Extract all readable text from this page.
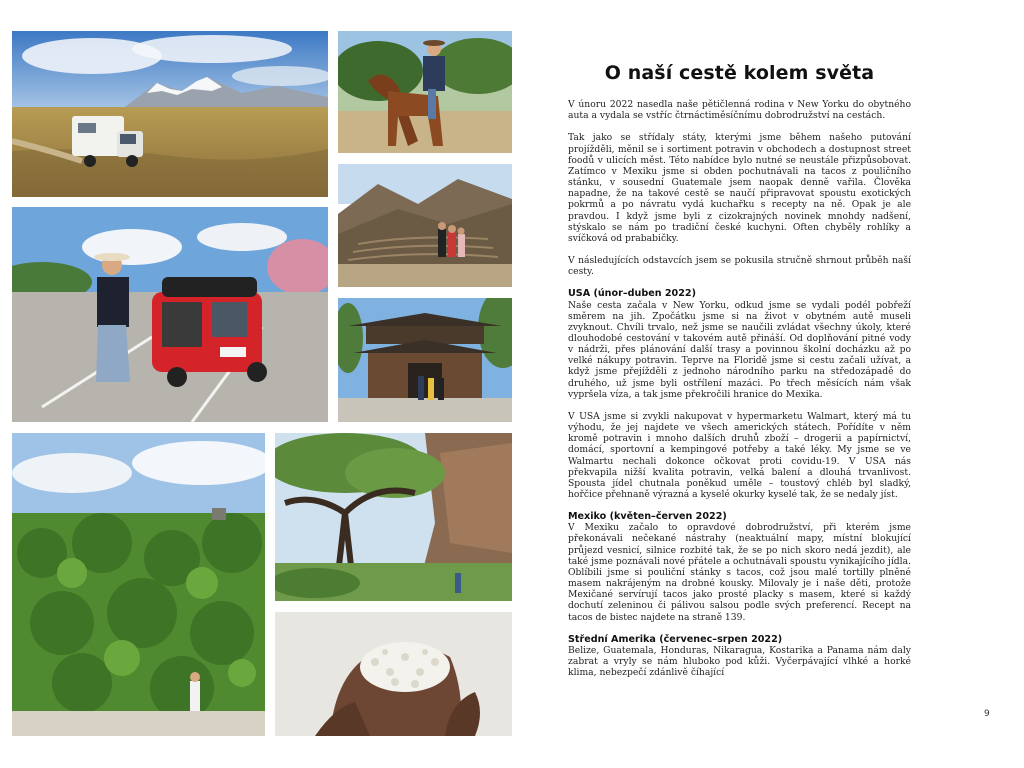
O naší cestě kolem světa

V únoru 2022 nasedla naše pětičlenná rodina v New Yorku do obytného auta a vydala se vstříc čtrnáctiměsíčnímu dobrodružství na cestách.

Tak jako se střídaly státy, kterými jsme během našeho putování projížděli, měnil se i sortiment potravin v obchodech a dostupnost street foodů v ulicích měst. Této nabídce bylo nutné se neustále přizpůsobovat. Zatímco v Mexiku jsme si obden pochutnávali na tacos z pouličního stánku, v sousední Guatemale jsem naopak denně vařila. Člověka napadne, že na takové cestě se naučí připravovat spoustu exotických pokrmů a po návratu vydá kuchařku s recepty na ně. Opak je ale pravdou. I když jsme byli z cizokrajných novinek mnohdy nadšení, stýskalo se nám po tradiční české kuchyni. Often chyběly rohlíky a svíčková od prababičky.

V následujících odstavcích jsem se pokusila stručně shrnout průběh naší cesty.

USA (únor–duben 2022)

Naše cesta začala v New Yorku, odkud jsme se vydali podél pobřeží směrem na jih. Zpočátku jsme si na život v obytném autě museli zvyknout. Chvíli trvalo, než jsme se naučili zvládat všechny úkoly, které dlouhodobé cestování v takovém autě přináší. Od doplňování pitné vody v nádrži, přes plánování další trasy a povinnou školní docházku až po velké nákupy potravin. Teprve na Floridě jsme si cestu začali užívat, a když jsme přejížděli z jednoho národního parku na středozápadě do druhého, už jsme byli ostřílení mazáci. Po třech měsících nám však vypršela víza, a tak jsme překročili hranice do Mexika.

V USA jsme si zvykli nakupovat v hypermarketu Walmart, který má tu výhodu, že jej najdete ve všech amerických státech. Pořídíte v něm kromě potravin i mnoho dalších druhů zboží – drogerii a papírnictví, domácí, sportovní a kempingové potřeby a také léky. My jsme se ve Walmartu nechali dokonce očkovat proti covidu-19. V USA nás překvapila nižší kvalita potravin, velká balení a dlouhá trvanlivost. Spousta jídel chutnala poněkud uměle – toustový chléb byl sladký, hořčice přehnaně výrazná a kyselé okurky kyselé tak, že se nedaly jíst.

Mexiko (květen–červen 2022)

V Mexiku začalo to opravdové dobrodružství, při kterém jsme překonávali nečekané nástrahy (neaktuální mapy, místní blokující průjezd vesnicí, silnice rozbité tak, že se po nich skoro nedá jezdit), ale také jsme poznávali nové přátele a ochutnávali spoustu vynikajícího jídla. Oblíbili jsme si pouliční stánky s tacos, což jsou malé tortilly plněné masem nakrájeným na drobné kousky. Milovaly je i naše děti, protože Mexičané servírují tacos jako prosté placky s masem, které si každý dochutí zeleninou či pálivou salsou podle svých preferencí. Recept na tacos de bistec najdete na straně 139.

Střední Amerika (červenec–srpen 2022)

Belize, Guatemala, Honduras, Nikaragua, Kostarika a Panama nám daly zabrat a vryly se nám hluboko pod kůži. Vyčerpávající vlhké a horké klima, nebezpečí zdánlivě číhající

9
